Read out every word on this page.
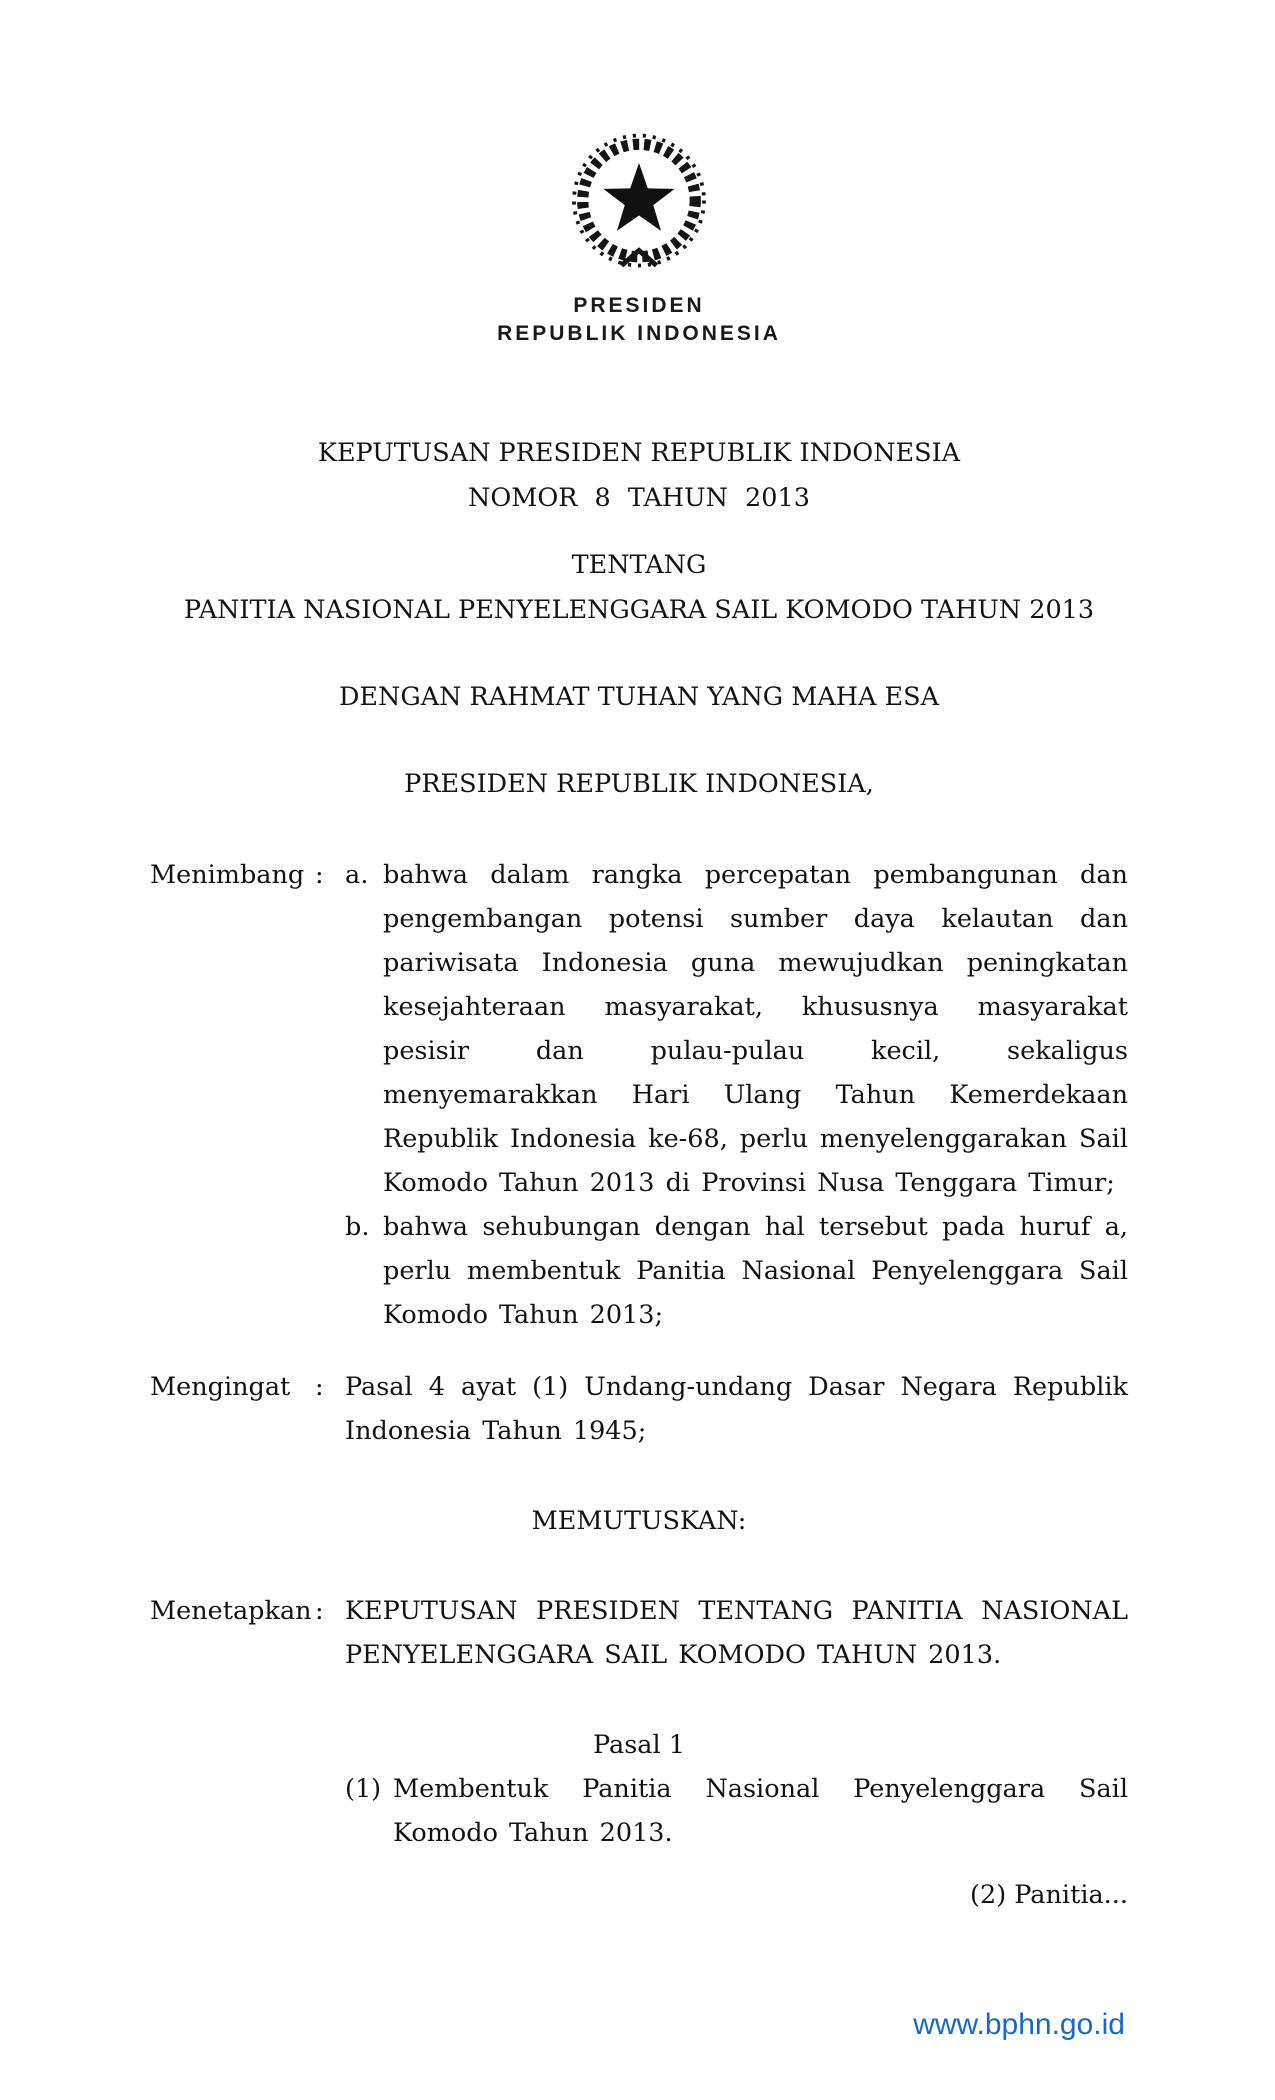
PRESIDEN
REPUBLIK INDONESIA
KEPUTUSAN PRESIDEN REPUBLIK INDONESIA
NOMOR 8 TAHUN 2013
TENTANG
PANITIA NASIONAL PENYELENGGARA SAIL KOMODO TAHUN 2013
DENGAN RAHMAT TUHAN YANG MAHA ESA
PRESIDEN REPUBLIK INDONESIA,
Menimbang : a. bahwa dalam rangka percepatan pembangunan dan pengembangan potensi sumber daya kelautan dan pariwisata Indonesia guna mewujudkan peningkatan kesejahteraan masyarakat, khususnya masyarakat pesisir dan pulau-pulau kecil, sekaligus menyemarakkan Hari Ulang Tahun Kemerdekaan Republik Indonesia ke-68, perlu menyelenggarakan Sail Komodo Tahun 2013 di Provinsi Nusa Tenggara Timur;
b. bahwa sehubungan dengan hal tersebut pada huruf a, perlu membentuk Panitia Nasional Penyelenggara Sail Komodo Tahun 2013;
Mengingat : Pasal 4 ayat (1) Undang-undang Dasar Negara Republik Indonesia Tahun 1945;
MEMUTUSKAN:
Menetapkan : KEPUTUSAN PRESIDEN TENTANG PANITIA NASIONAL PENYELENGGARA SAIL KOMODO TAHUN 2013.
Pasal 1
(1) Membentuk Panitia Nasional Penyelenggara Sail Komodo Tahun 2013.
(2) Panitia...
www.bphn.go.id
